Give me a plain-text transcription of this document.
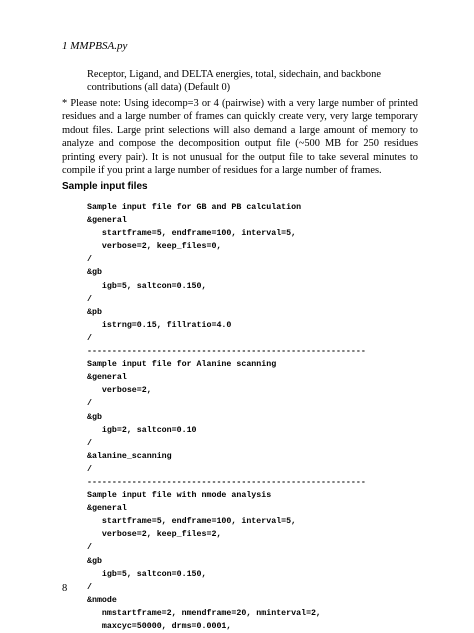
1 MMPBSA.py
Receptor, Ligand, and DELTA energies, total, sidechain, and backbone contributions (all data) (Default 0)
* Please note: Using idecomp=3 or 4 (pairwise) with a very large number of printed residues and a large number of frames can quickly create very, very large temporary mdout files. Large print selections will also demand a large amount of memory to analyze and compose the decomposition output file (~500 MB for 250 residues printing every pair). It is not unusual for the output file to take several minutes to compile if you print a large number of residues for a large number of frames.
Sample input files
Sample input file for GB and PB calculation
&general
startframe=5, endframe=100, interval=5,
verbose=2, keep_files=0,
/
&gb
igb=5, saltcon=0.150,
/
&pb
istrng=0.15, fillratio=4.0
/
--------------------------------------------------------
Sample input file for Alanine scanning
&general
verbose=2,
/
&gb
igb=2, saltcon=0.10
/
&alanine_scanning
/
--------------------------------------------------------
Sample input file with nmode analysis
&general
startframe=5, endframe=100, interval=5,
verbose=2, keep_files=2,
/
&gb
igb=5, saltcon=0.150,
/
&nmode
nmstartframe=2, nmendframe=20, nminterval=2,
maxcyc=50000, drms=0.0001,
8
